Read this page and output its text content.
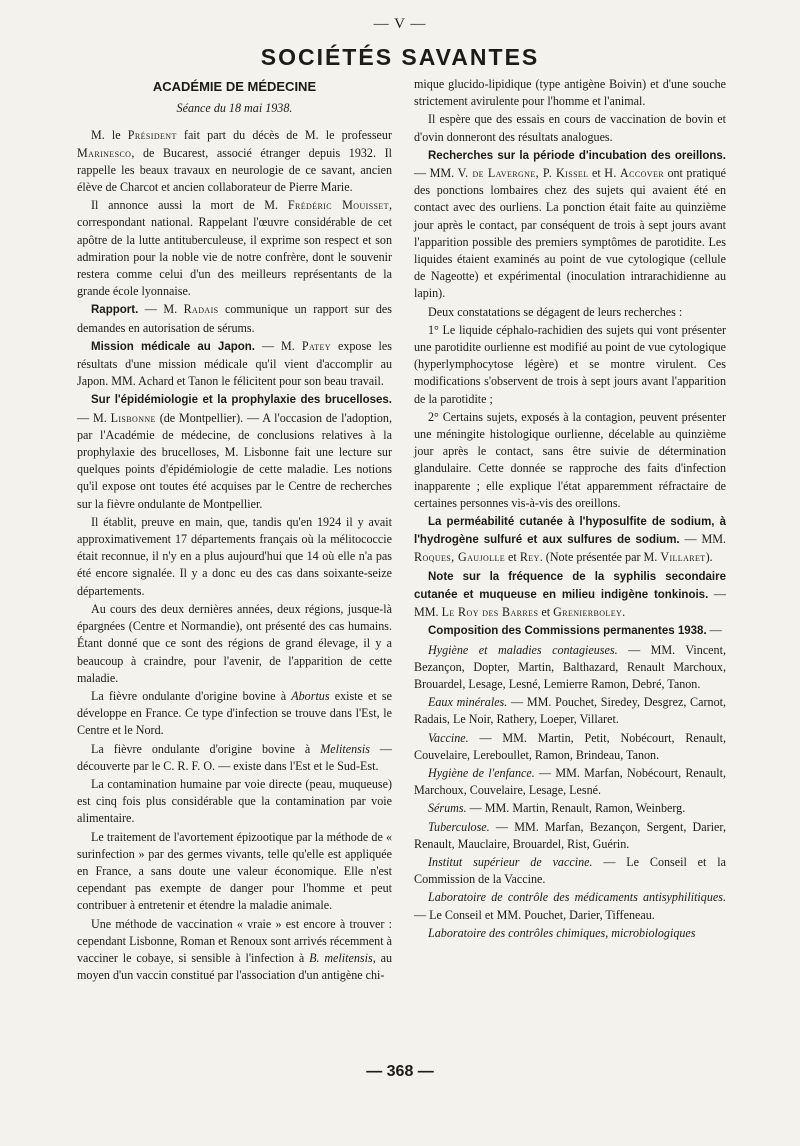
— V —
SOCIÉTÉS SAVANTES
ACADÉMIE DE MÉDECINE
Séance du 18 mai 1938.

M. le Président fait part du décès de M. le professeur Marinesco, de Bucarest, associé étranger depuis 1932. Il rappelle les beaux travaux en neurologie de ce savant, ancien élève de Charcot et ancien collaborateur de Pierre Marie.

Il annonce aussi la mort de M. Frédéric Mouisset, correspondant national. Rappelant l'œuvre considérable de cet apôtre de la lutte antituberculeuse, il exprime son respect et son admiration pour la noble vie de notre confrère, dont le souvenir restera comme celui d'un des meilleurs représentants de la grande école lyonnaise.

Rapport. — M. Radais communique un rapport sur des demandes en autorisation de sérums.

Mission médicale au Japon. — M. Patey expose les résultats d'une mission médicale qu'il vient d'accomplir au Japon. MM. Achard et Tanon le félicitent pour son beau travail.

Sur l'épidémiologie et la prophylaxie des brucelloses. — M. Lisbonne (de Montpellier). — A l'occasion de l'adoption, par l'Académie de médecine, de conclusions relatives à la prophylaxie des brucelloses, M. Lisbonne fait une lecture sur quelques points d'épidémiologie de cette maladie. Les notions qu'il expose ont toutes été acquises par le Centre de recherches sur la fièvre ondulante de Montpellier.

Il établit, preuve en main, que, tandis qu'en 1924 il y avait approximativement 17 départements français où la mélitococcie était reconnue, il n'y en a plus aujourd'hui que 14 où elle n'a pas été encore signalée. Il y a donc eu des cas dans soixante-seize départements.

Au cours des deux dernières années, deux régions, jusque-là épargnées (Centre et Normandie), ont présenté des cas humains. Étant donné que ce sont des régions de grand élevage, il y a beaucoup à craindre, pour l'avenir, de l'apparition de cette maladie.

La fièvre ondulante d'origine bovine à Abortus existe et se développe en France. Ce type d'infection se trouve dans l'Est, le Centre et le Nord.

La fièvre ondulante d'origine bovine à Melitensis — découverte par le C. R. F. O. — existe dans l'Est et le Sud-Est.

La contamination humaine par voie directe (peau, muqueuse) est cinq fois plus considérable que la contamination par voie alimentaire.

Le traitement de l'avortement épizootique par la méthode de « surinfection » par des germes vivants, telle qu'elle est appliquée en France, a sans doute une valeur économique. Elle n'est cependant pas exempte de danger pour l'homme et peut contribuer à entretenir et étendre la maladie animale.

Une méthode de vaccination « vraie » est encore à trouver : cependant Lisbonne, Roman et Renoux sont arrivés récemment à vacciner le cobaye, si sensible à l'infection à B. melitensis, au moyen d'un vaccin constitué par l'association d'un antigène chi-

mique glucido-lipidique (type antigène Boivin) et d'une souche strictement avirulente pour l'homme et l'animal.

Il espère que des essais en cours de vaccination de bovin et d'ovin donneront des résultats analogues.

Recherches sur la période d'incubation des oreillons. — MM. V. de Lavergne, P. Kissel et H. Accover ont pratiqué des ponctions lombaires chez des sujets qui avaient été en contact avec des ourliens. La ponction était faite au quinzième jour après le contact, par conséquent de trois à sept jours avant l'apparition possible des premiers symptômes de parotidite. Les liquides étaient examinés au point de vue cytologique (cellule de Nageotte) et expérimental (inoculation intrarachidienne au lapin).

Deux constatations se dégagent de leurs recherches :

1° Le liquide céphalo-rachidien des sujets qui vont présenter une parotidite ourlienne est modifié au point de vue cytologique (hyperlymphocytose légère) et se montre virulent. Ces modifications s'observent de trois à sept jours avant l'apparition de la parotidite ;

2° Certains sujets, exposés à la contagion, peuvent présenter une méningite histologique ourlienne, décelable au quinzième jour après le contact, sans être suivie de détermination glandulaire. Cette donnée se rapproche des faits d'infection inapparente ; elle explique l'état apparemment réfractaire de certaines personnes vis-à-vis des oreillons.

La perméabilité cutanée à l'hyposulfite de sodium, à l'hydrogène sulfuré et aux sulfures de sodium. — MM. Roques, Gaujolle et Rey. (Note présentée par M. Villaret).

Note sur la fréquence de la syphilis secondaire cutanée et muqueuse en milieu indigène tonkinois. — MM. Le Roy des Barres et Grenierboley.

Composition des Commissions permanentes 1938. —

Hygiène et maladies contagieuses. — MM. Vincent, Bezançon, Dopter, Martin, Balthazard, Renault Marchoux, Brouardel, Lesage, Lesné, Lemierre Ramon, Debré, Tanon.

Eaux minérales. — MM. Pouchet, Siredey, Desgrez, Carnot, Radais, Le Noir, Rathery, Loeper, Villaret.

Vaccine. — MM. Martin, Petit, Nobécourt, Renault, Couvelaire, Lereboullet, Ramon, Brindeau, Tanon.

Hygiène de l'enfance. — MM. Marfan, Nobécourt, Renault, Marchoux, Couvelaire, Lesage, Lesné.

Sérums. — MM. Martin, Renault, Ramon, Weinberg.

Tuberculose. — MM. Marfan, Bezançon, Sergent, Darier, Renault, Mauclaire, Brouardel, Rist, Guérin.

Institut supérieur de vaccine. — Le Conseil et la Commission de la Vaccine.

Laboratoire de contrôle des médicaments antisyphilitiques. — Le Conseil et MM. Pouchet, Darier, Tiffeneau.

Laboratoire des contrôles chimiques, microbiologiques

— 368 —
